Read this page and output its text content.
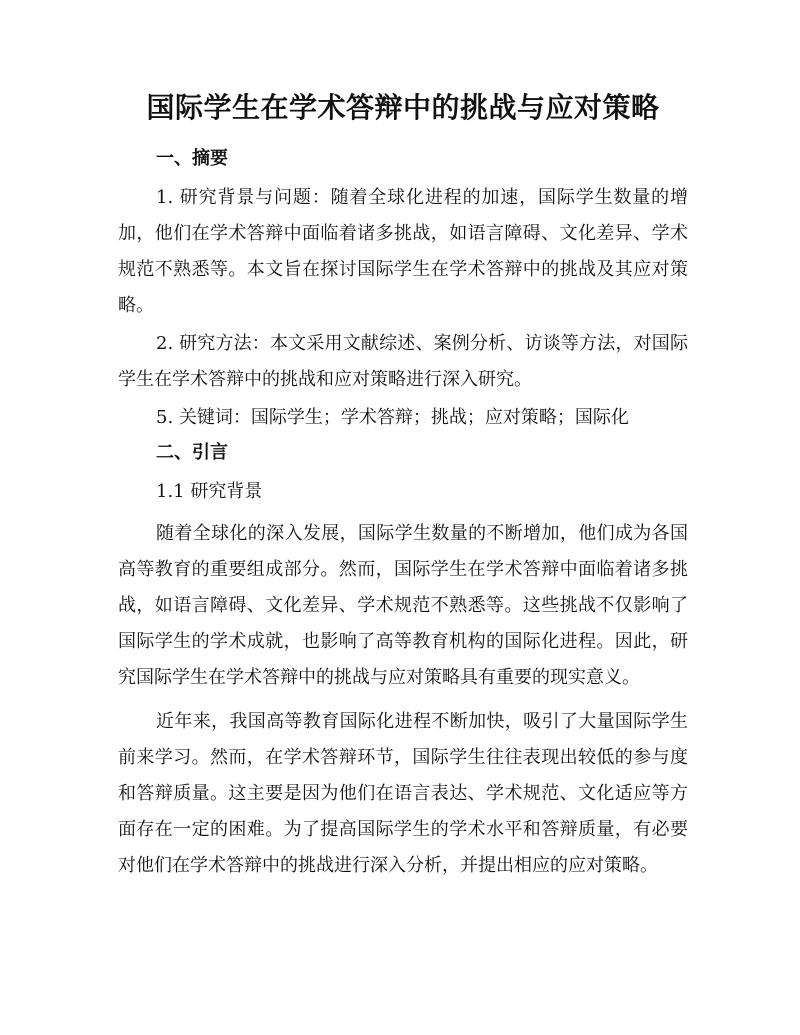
国际学生在学术答辩中的挑战与应对策略
一、摘要

1. 研究背景与问题：随着全球化进程的加速，国际学生数量的增加，他们在学术答辩中面临着诸多挑战，如语言障碍、文化差异、学术规范不熟悉等。本文旨在探讨国际学生在学术答辩中的挑战及其应对策略。

2. 研究方法：本文采用文献综述、案例分析、访谈等方法，对国际学生在学术答辩中的挑战和应对策略进行深入研究。

5. 关键词：国际学生；学术答辩；挑战；应对策略；国际化

二、引言
1.1 研究背景

随着全球化的深入发展，国际学生数量的不断增加，他们成为各国高等教育的重要组成部分。然而，国际学生在学术答辩中面临着诸多挑战，如语言障碍、文化差异、学术规范不熟悉等。这些挑战不仅影响了国际学生的学术成就，也影响了高等教育机构的国际化进程。因此，研究国际学生在学术答辩中的挑战与应对策略具有重要的现实意义。

近年来，我国高等教育国际化进程不断加快，吸引了大量国际学生前来学习。然而，在学术答辩环节，国际学生往往表现出较低的参与度和答辩质量。这主要是因为他们在语言表达、学术规范、文化适应等方面存在一定的困难。为了提高国际学生的学术水平和答辩质量，有必要对他们在学术答辩中的挑战进行深入分析，并提出相应的应对策略。
